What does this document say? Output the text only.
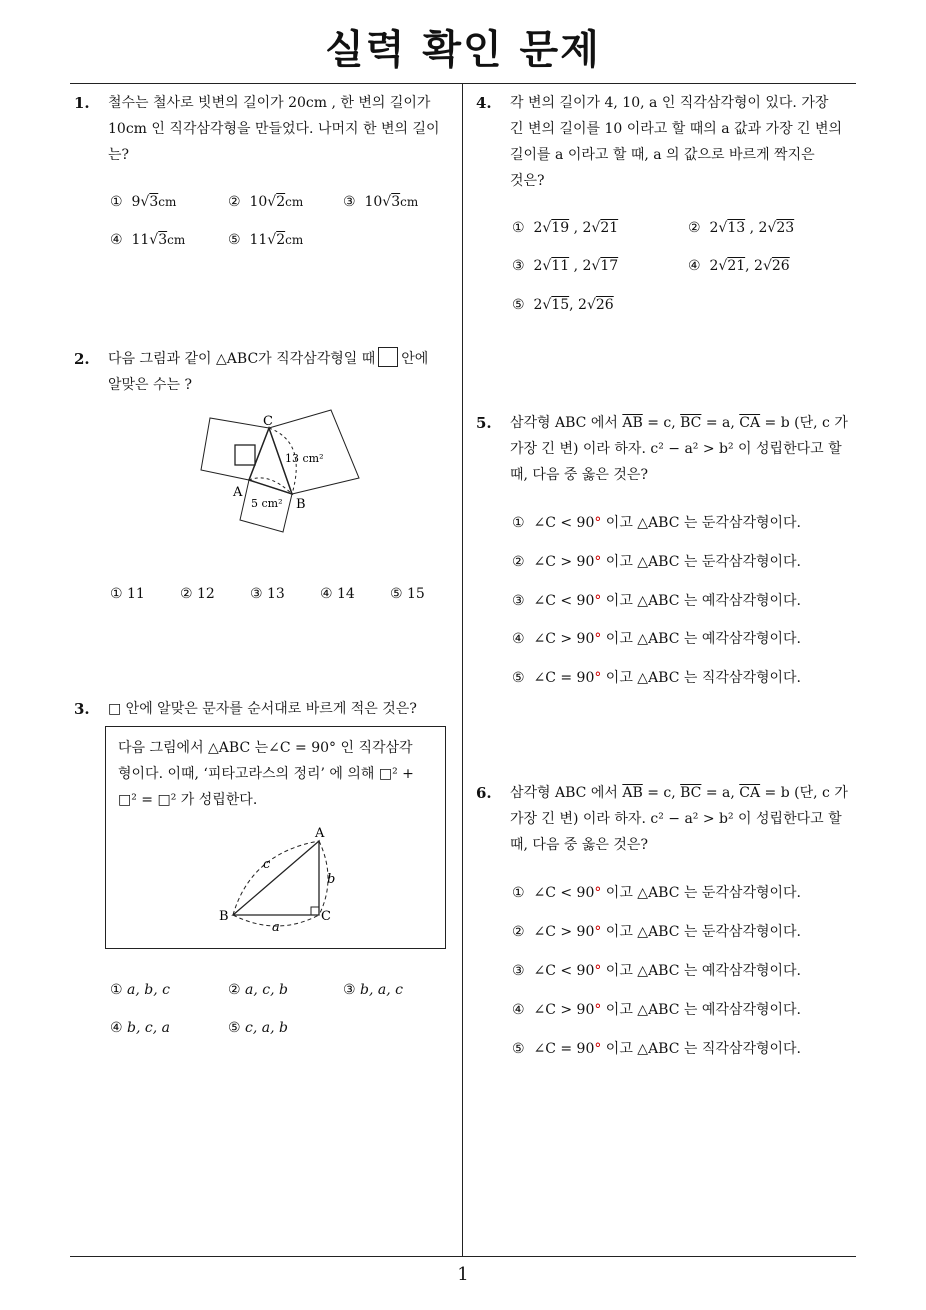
실력 확인 문제
1
1. 철수는 철사로 빗변의 길이가 20cm , 한 변의 길이가
10cm 인 직각삼각형을 만들었다. 나머지 한 변의 길이
는?
① 9√3cm	② 10√2cm	③ 10√3cm
④ 11√3cm	⑤ 11√2cm
2. 다음 그림과 같이 △ABC가 직각삼각형일 때 안에
알맞은 수는 ?
C
A
B
13 cm²
5 cm²
① 11	② 12	③ 13	④ 14	⑤ 15
3. □ 안에 알맞은 문자를 순서대로 바르게 적은 것은?
다음 그림에서 △ABC 는∠C = 90° 인 직각삼각
형이다. 이때, ‘피타고라스의 정리’ 에 의해 □² +
□² = □² 가 성립한다.
A
B	C
c
b
a
① a, b, c	② a, c, b	③ b, a, c
④ b, c, a	⑤ c, a, b
4. 각 변의 길이가 4, 10, a 인 직각삼각형이 있다. 가장
긴 변의 길이를 10 이라고 할 때의 a 값과 가장 긴 변의
길이를 a 이라고 할 때, a 의 값으로 바르게 짝지은
것은?
① 2√19 , 2√21	② 2√13 , 2√23
③ 2√11 , 2√17	④ 2√21, 2√26
⑤ 2√15, 2√26
5. 삼각형 ABC 에서 $\overline{AB} = c$, $\overline{BC} = a$, $\overline{CA} = b$ (단, c 가
가장 긴 변) 이라 하자. c² − a² > b² 이 성립한다고 할
때, 다음 중 옳은 것은?
① ∠C < 90° 이고 △ABC 는 둔각삼각형이다.
② ∠C > 90° 이고 △ABC 는 둔각삼각형이다.
③ ∠C < 90° 이고 △ABC 는 예각삼각형이다.
④ ∠C > 90° 이고 △ABC 는 예각삼각형이다.
⑤ ∠C = 90° 이고 △ABC 는 직각삼각형이다.
6. 삼각형 ABC 에서 $\overline{AB} = c$, $\overline{BC} = a$, $\overline{CA} = b$ (단, c 가
가장 긴 변) 이라 하자. c² − a² > b² 이 성립한다고 할
때, 다음 중 옳은 것은?
① ∠C < 90° 이고 △ABC 는 둔각삼각형이다.
② ∠C > 90° 이고 △ABC 는 둔각삼각형이다.
③ ∠C < 90° 이고 △ABC 는 예각삼각형이다.
④ ∠C > 90° 이고 △ABC 는 예각삼각형이다.
⑤ ∠C = 90° 이고 △ABC 는 직각삼각형이다.
